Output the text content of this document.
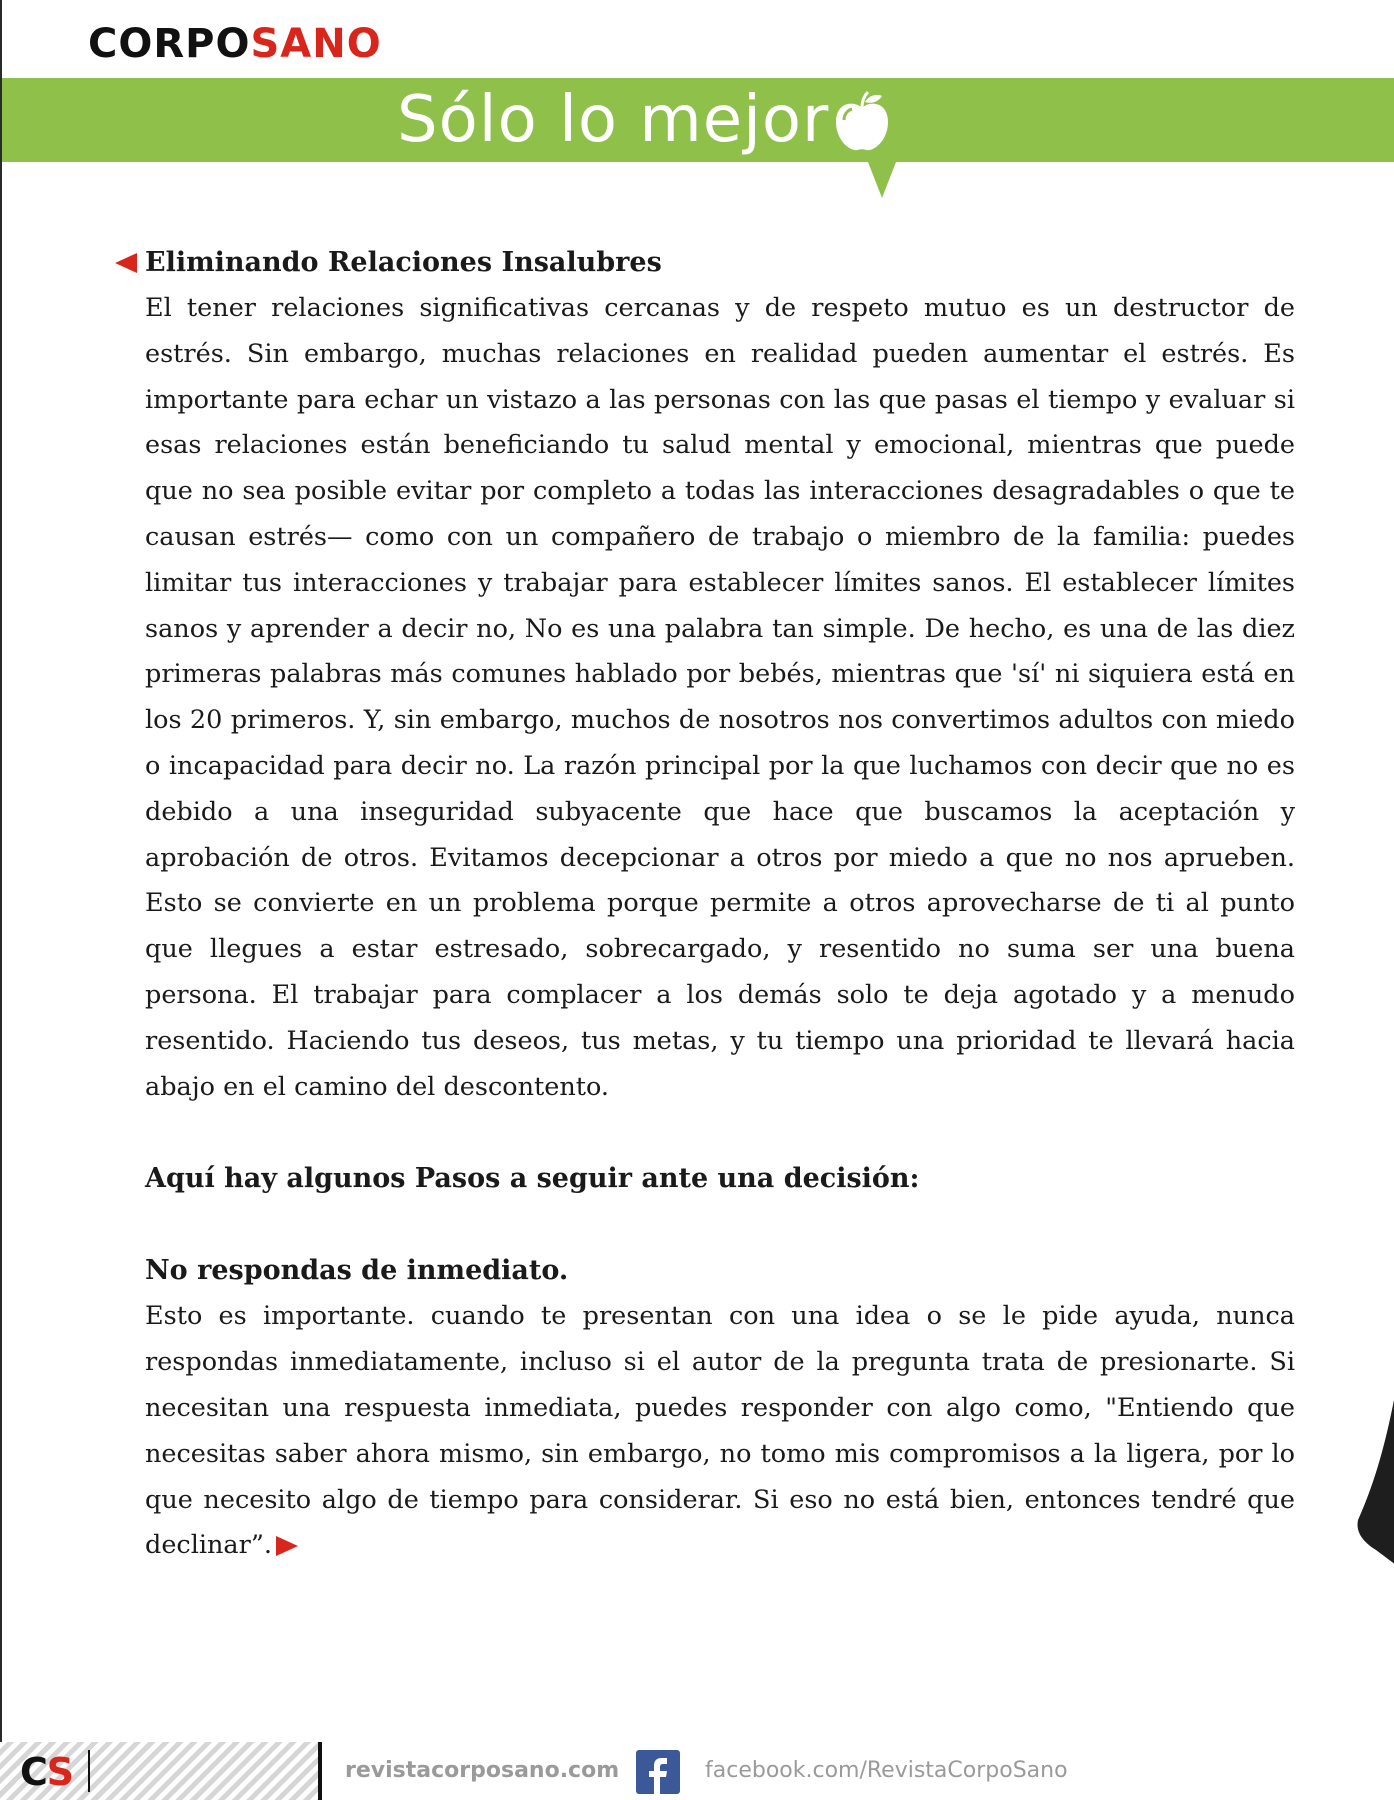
CORPOSANO
Sólo lo mejor
Eliminando Relaciones Insalubres

El tener relaciones significativas cercanas y de respeto mutuo es un destructor de estrés. Sin embargo, muchas relaciones en realidad pueden aumentar el estrés. Es importante para echar un vistazo a las personas con las que pasas el tiempo y evaluar si esas relaciones están beneficiando tu salud mental y emocional, mientras que puede que no sea posible evitar por completo a todas las interacciones desagradables o que te causan estrés— como con un compañero de trabajo o miembro de la familia: puedes limitar tus interacciones y trabajar para establecer límites sanos. El establecer límites sanos y aprender a decir no, No es una palabra tan simple. De hecho, es una de las diez primeras palabras más comunes hablado por bebés, mientras que 'sí' ni siquiera está en los 20 primeros. Y, sin embargo, muchos de nosotros nos convertimos adultos con miedo o incapacidad para decir no. La razón principal por la que luchamos con decir que no es debido a una inseguridad subyacente que hace que buscamos la aceptación y aprobación de otros. Evitamos decepcionar a otros por miedo a que no nos aprueben. Esto se convierte en un problema porque permite a otros aprovecharse de ti al punto que llegues a estar estresado, sobrecargado, y resentido no suma ser una buena persona. El trabajar para complacer a los demás solo te deja agotado y a menudo resentido. Haciendo tus deseos, tus metas, y tu tiempo una prioridad te llevará hacia abajo en el camino del descontento.

Aquí hay algunos Pasos a seguir ante una decisión:
No respondas de inmediato.

Esto es importante. cuando te presentan con una idea o se le pide ayuda, nunca respondas inmediatamente, incluso si el autor de la pregunta trata de presionarte. Si necesitan una respuesta inmediata, puedes responder con algo como, "Entiendo que necesitas saber ahora mismo, sin embargo, no tomo mis compromisos a la ligera, por lo que necesito algo de tiempo para considerar. Si eso no está bien, entonces tendré que declinar”.

CS	revistacorposano.com	facebook.com/RevistaCorpoSano
